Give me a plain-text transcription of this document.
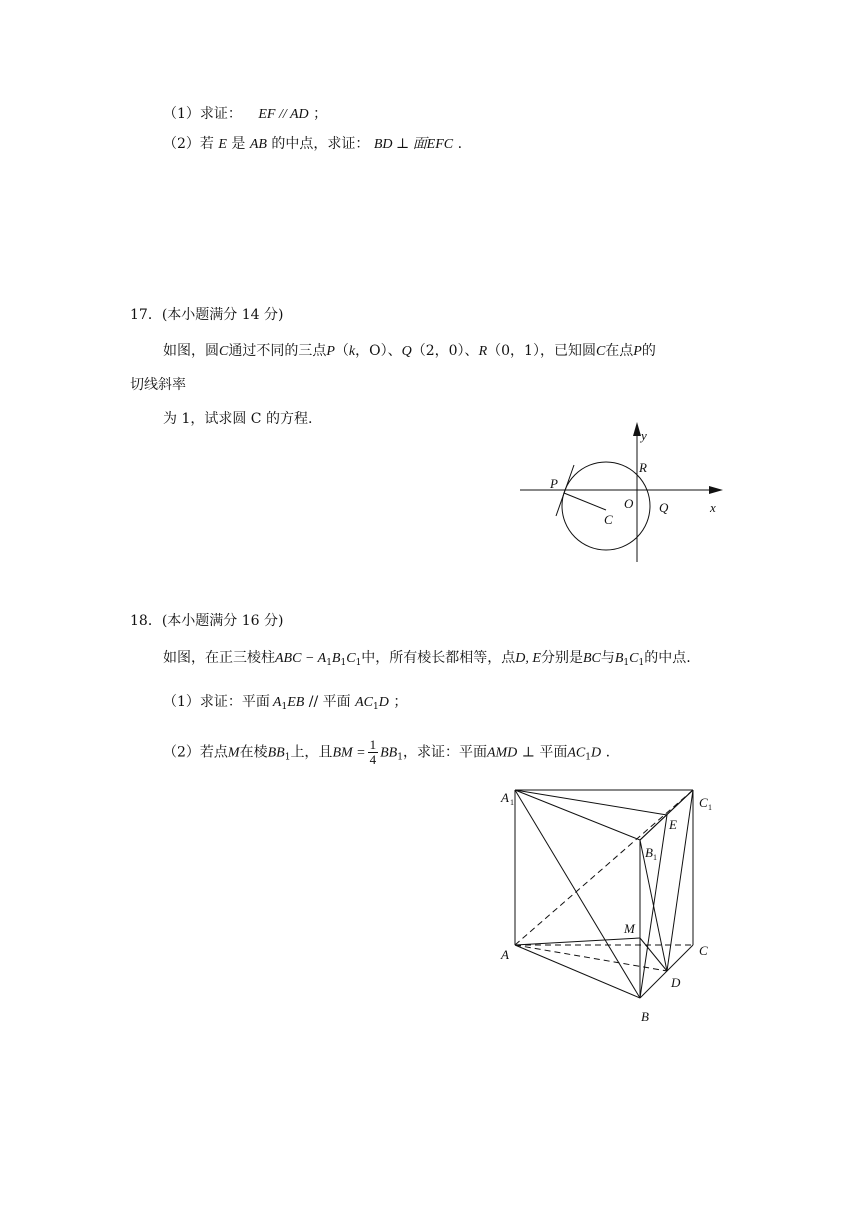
（1）求证： EF // AD ；
（2）若 E 是 AB 的中点，求证： BD ⊥ 面EFC .
17．(本小题满分 14 分)
如图，圆C通过不同的三点P（k，O）、Q（2，0）、R（0，1），已知圆C在点P的
切线斜率
为 1，试求圆 C 的方程.
y
R
P
O Q	x
C
18．(本小题满分 16 分)
如图，在正三棱柱ABC − $A_1B_1C_1$中，所有棱长都相等，点D, E分别是BC与$B_1C_1$的中点.
（1）求证：平面 $A_1EB$ // 平面 $AC_1D$ ；
（2）若点M在棱$BB_1$上，且BM = $\frac{1}{4} BB_1$，求证：平面AMD ⊥ 平面$AC_1D$ .
A 1	C 1
E
B 1
M
A	C
D
B
